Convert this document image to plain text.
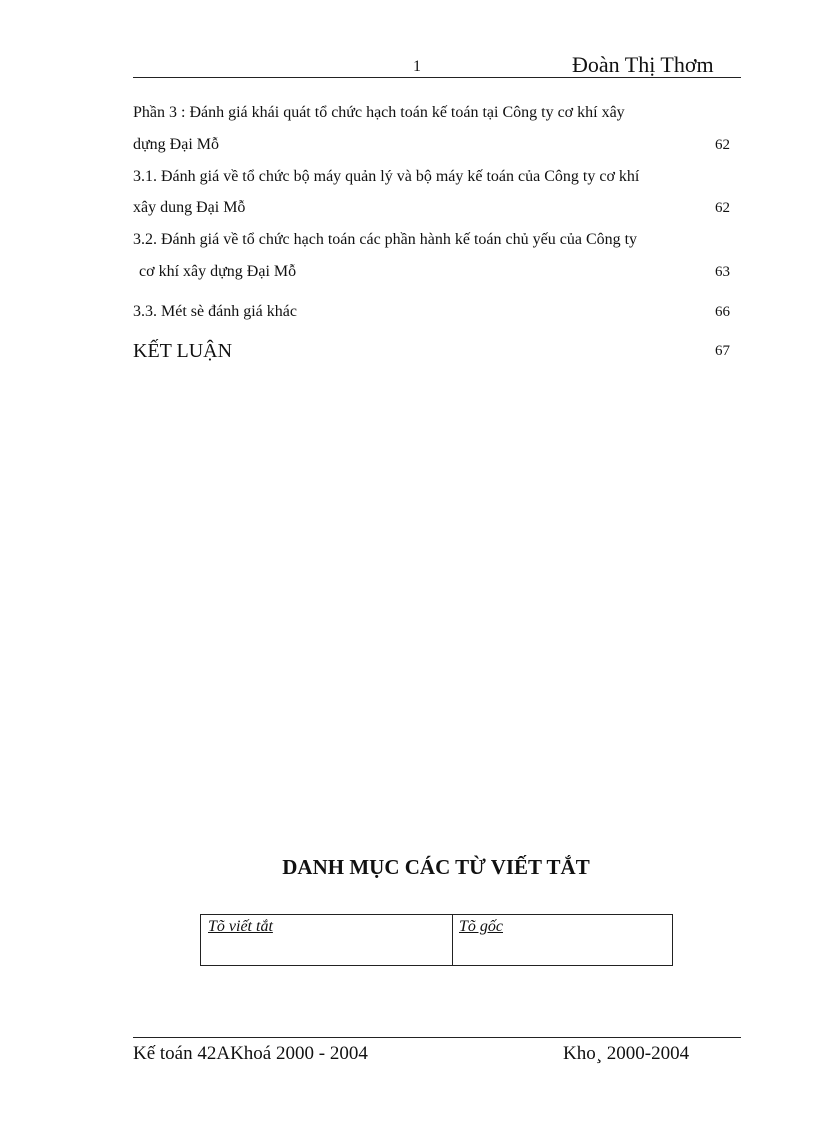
1	Đoàn Thị Thơm
Phần 3 : Đánh giá khái quát tổ chức hạch toán kế toán tại Công ty cơ khí xây
dựng Đại Mỗ	62
3.1. Đánh giá về tổ chức bộ máy quản lý và bộ máy kế toán của Công ty cơ khí
xây dung Đại Mỗ	62
3.2. Đánh giá về tổ chức hạch toán các phần hành kế toán chủ yếu của Công ty
cơ khí xây dựng Đại Mỗ	63
3.3. Mét sè đánh giá khác	66
KẾT LUẬN	67
DANH MỤC CÁC TỪ VIẾT TẮT
Tõ viết tắt	Tõ gốc
Kế toán 42AKhoá 2000 - 2004	Kho¸ 2000-2004
